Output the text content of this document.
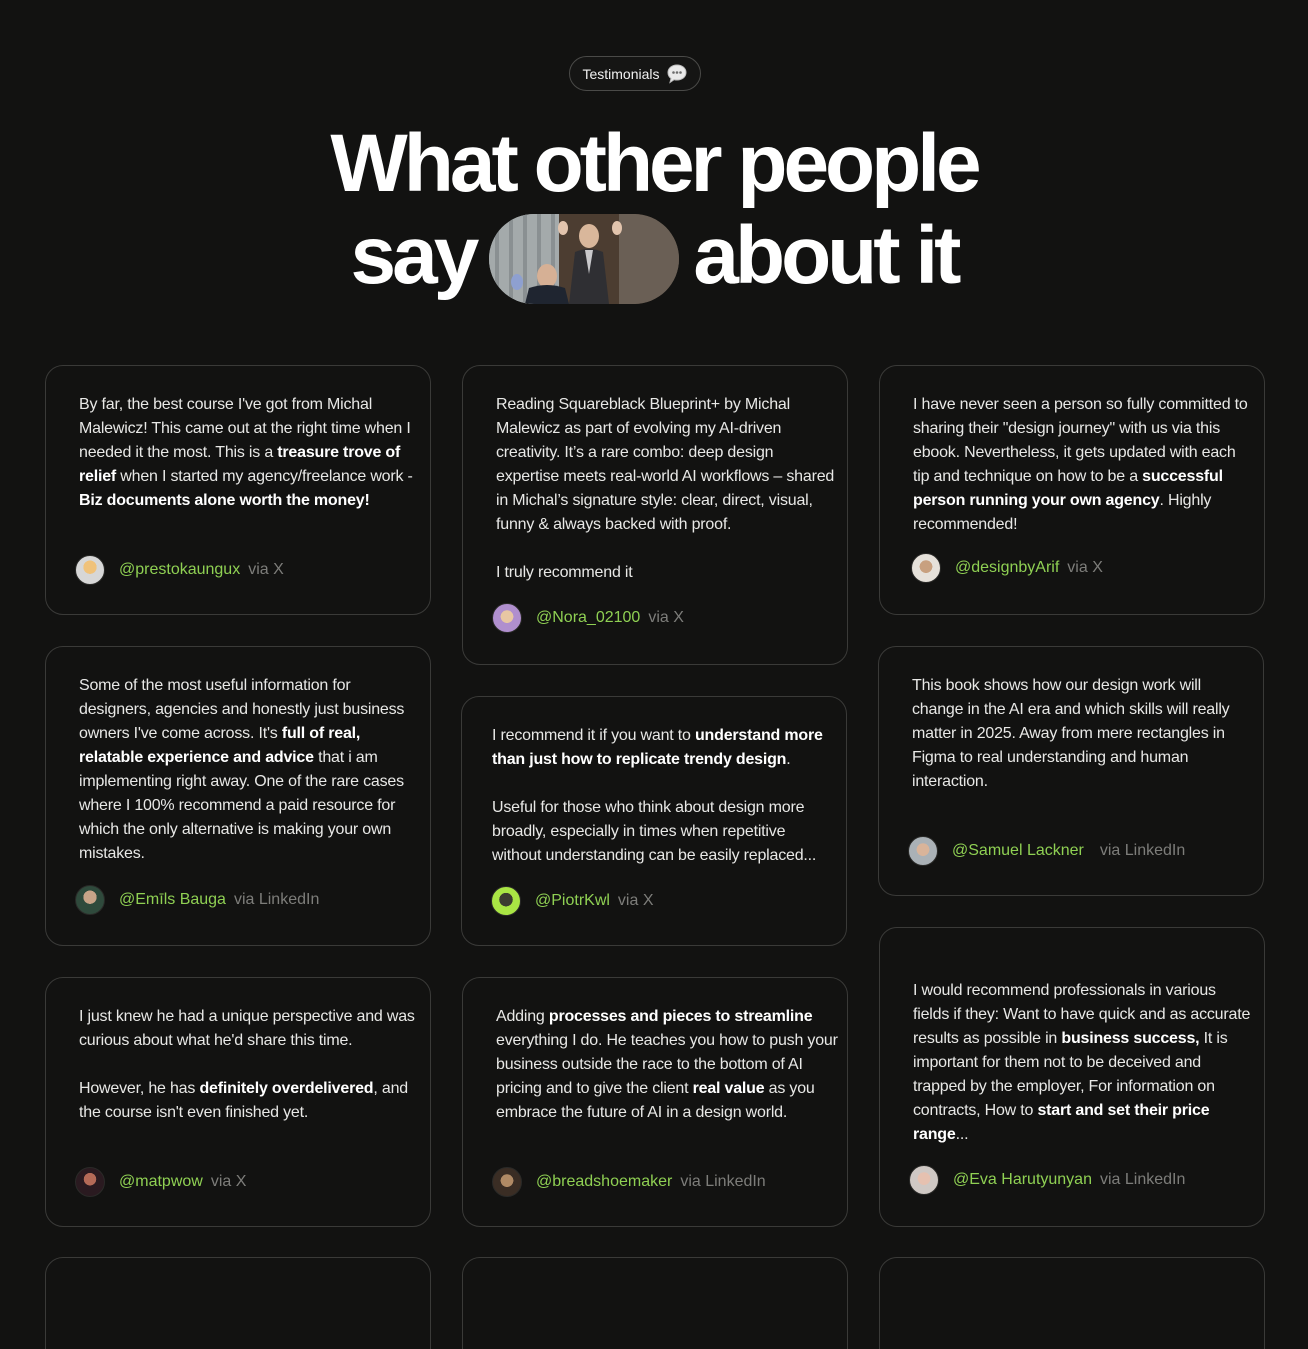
Testimonials
What other people
say	about it

By far, the best course I've got from Michal Malewicz! This came out at the right time when I needed it the most. This is a treasure trove of relief when I started my agency/freelance work - Biz documents alone worth the money!

@prestokaungux via X

Some of the most useful information for designers, agencies and honestly just business owners I've come across. It's full of real, relatable experience and advice that i am implementing right away. One of the rare cases where I 100% recommend a paid resource for which the only alternative is making your own mistakes.

@Emīls Bauga via LinkedIn

I just knew he had a unique perspective and was curious about what he'd share this time.

However, he has definitely overdelivered, and the course isn't even finished yet.

@matpwow via X

Reading Squareblack Blueprint+ by Michal Malewicz as part of evolving my AI-driven creativity. It’s a rare combo: deep design expertise meets real-world AI workflows – shared in Michal’s signature style: clear, direct, visual, funny & always backed with proof.

I truly recommend it

@Nora_02100 via X

I recommend it if you want to understand more than just how to replicate trendy design.

Useful for those who think about design more broadly, especially in times when repetitive without understanding can be easily replaced...

@PiotrKwl via X

Adding processes and pieces to streamline everything I do. He teaches you how to push your business outside the race to the bottom of AI pricing and to give the client real value as you embrace the future of AI in a design world.

@breadshoemaker via LinkedIn

I have never seen a person so fully committed to sharing their "design journey" with us via this ebook. Nevertheless, it gets updated with each tip and technique on how to be a successful person running your own agency. Highly recommended!

@designbyArif via X

This book shows how our design work will change in the AI era and which skills will really matter in 2025. Away from mere rectangles in Figma to real understanding and human interaction.

@Samuel Lackner via LinkedIn

I would recommend professionals in various fields if they: Want to have quick and as accurate results as possible in business success, It is important for them not to be deceived and trapped by the employer, For information on contracts, How to start and set their price range...

@Eva Harutyunyan via LinkedIn
